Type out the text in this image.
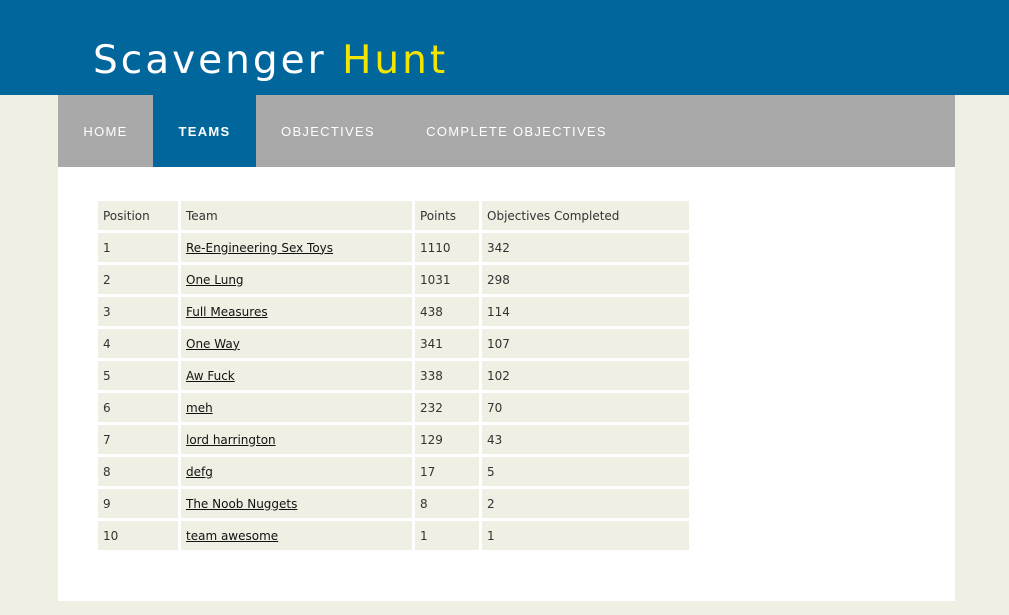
Scavenger Hunt
HOME	TEAMS	OBJECTIVES	COMPLETE OBJECTIVES
Position	Team	Points	Objectives Completed
1	Re-Engineering Sex Toys	1110	342
2	One Lung	1031	298
3	Full Measures	438	114
4	One Way	341	107
5	Aw Fuck	338	102
6	meh	232	70
7	lord harrington	129	43
8	defg	17	5
9	The Noob Nuggets	8	2
10	team awesome	1	1
